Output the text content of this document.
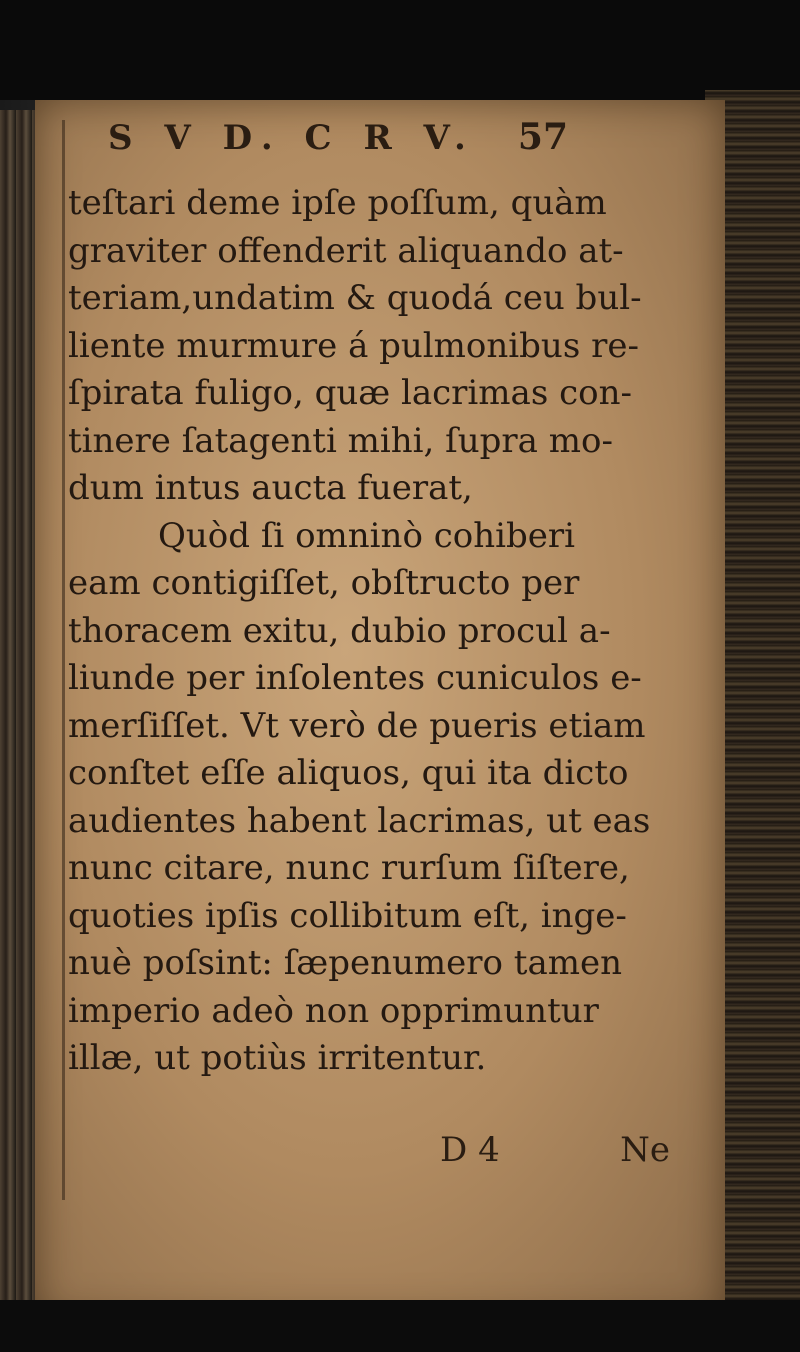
S V D. C R V. 57
teſtari deme ipſe poſſum, quàm
graviter offenderit aliquando at-
teriam,undatim & quodá ceu bul-
liente murmure á pulmonibus re-
ſpirata fuligo, quæ lacrimas con-
tinere ſatagenti mihi, ſupra mo-
dum intus aucta fuerat,
Quòd ſi omninò cohiberi
eam contigiſſet, obſtructo per
thoracem exitu, dubio procul a-
liunde per inſolentes cuniculos e-
merſiſſet. Vt verò de pueris etiam
conſtet eſſe aliquos, qui ita dicto
audientes habent lacrimas, ut eas
nunc citare, nunc rurſum ſiſtere,
quoties ipſis collibitum eſt, inge-
nuè poſsint: ſæpenumero tamen
imperio adeò non opprimuntur
illæ, ut potiùs irritentur.
D 4	Ne
